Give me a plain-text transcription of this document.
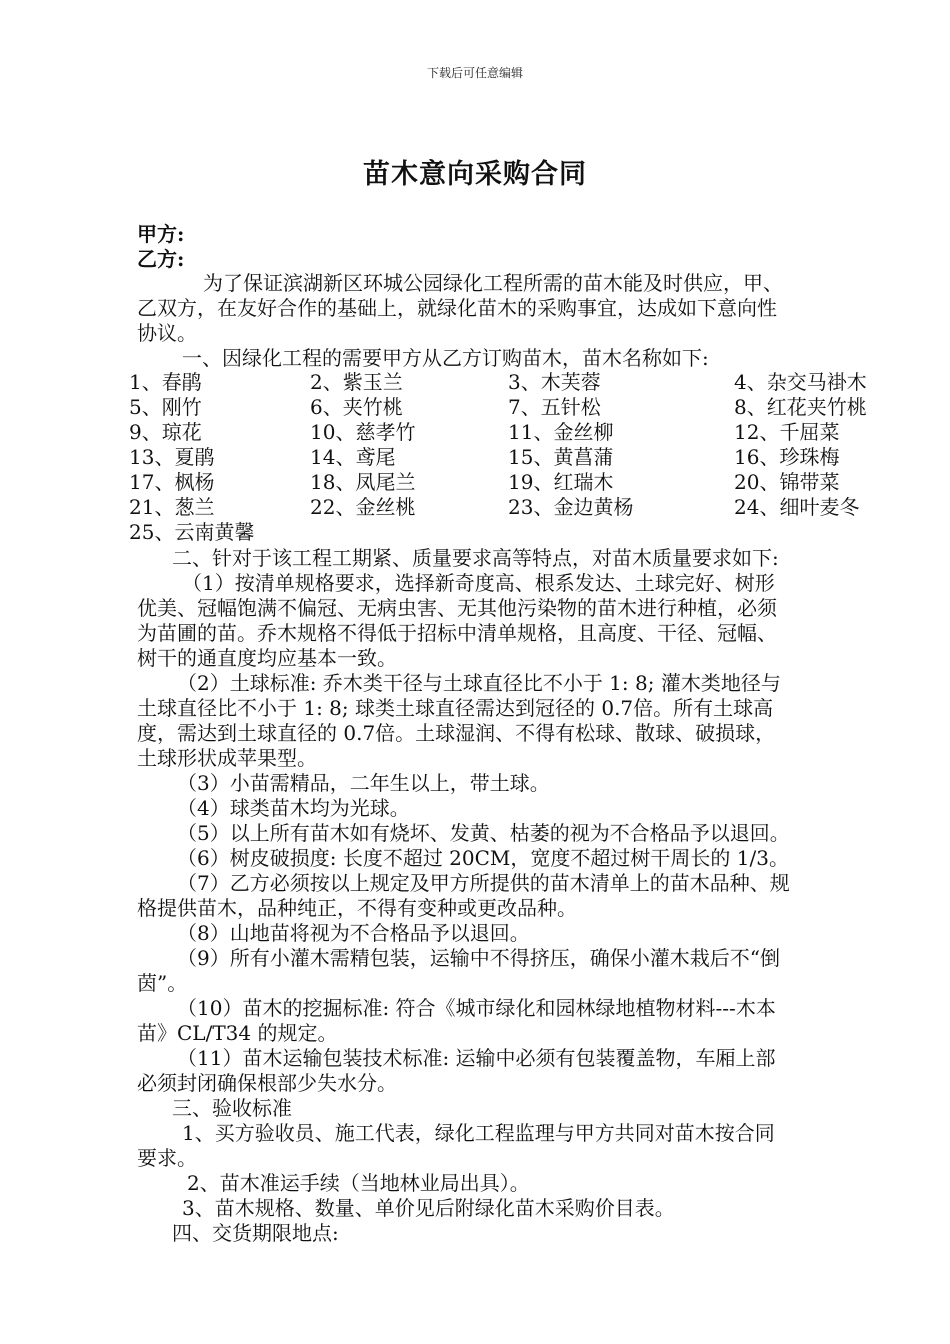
下载后可任意编辑
苗木意向采购合同
甲方:
乙方:
为了保证滨湖新区环城公园绿化工程所需的苗木能及时供应，甲、
乙双方，在友好合作的基础上，就绿化苗木的采购事宜，达成如下意向性
协议。
一、因绿化工程的需要甲方从乙方订购苗木，苗木名称如下:
1、春鹃	2、紫玉兰	3、木芙蓉	4、杂交马褂木
5、刚竹	6、夹竹桃	7、五针松	8、红花夹竹桃
9、琼花	10、慈孝竹	11、金丝柳	12、千屈菜
13、夏鹃	14、鸢尾	15、黄菖蒲	16、珍珠梅
17、枫杨	18、凤尾兰	19、红瑞木	20、锦带菜
21、葱兰	22、金丝桃	23、金边黄杨	24、细叶麦冬
25、云南黄馨
二、针对于该工程工期紧、质量要求高等特点，对苗木质量要求如下:
（1）按清单规格要求，选择新奇度高、根系发达、土球完好、树形
优美、冠幅饱满不偏冠、无病虫害、无其他污染物的苗木进行种植，必须
为苗圃的苗。乔木规格不得低于招标中清单规格，且高度、干径、冠幅、
树干的通直度均应基本一致。
（2）土球标准: 乔木类干径与土球直径比不小于 1: 8; 灌木类地径与
土球直径比不小于 1: 8; 球类土球直径需达到冠径的 0.7倍。所有土球高
度，需达到土球直径的 0.7倍。土球湿润、不得有松球、散球、破损球，
土球形状成苹果型。
（3）小苗需精品，二年生以上，带土球。
（4）球类苗木均为光球。
（5）以上所有苗木如有烧坏、发黄、枯萎的视为不合格品予以退回。
（6）树皮破损度: 长度不超过 20CM，宽度不超过树干周长的 1/3。
（7）乙方必须按以上规定及甲方所提供的苗木清单上的苗木品种、规
格提供苗木，品种纯正，不得有变种或更改品种。
（8）山地苗将视为不合格品予以退回。
（9）所有小灌木需精包装，运输中不得挤压，确保小灌木栽后不“倒
茵”。
（10）苗木的挖掘标准: 符合《城市绿化和园林绿地植物材料---木本
苗》CL/T34 的规定。
（11）苗木运输包装技术标准: 运输中必须有包装覆盖物，车厢上部
必须封闭确保根部少失水分。
三、验收标准
1、买方验收员、施工代表，绿化工程监理与甲方共同对苗木按合同
要求。
2、苗木准运手续（当地林业局出具）。
3、苗木规格、数量、单价见后附绿化苗木采购价目表。
四、交货期限地点:
